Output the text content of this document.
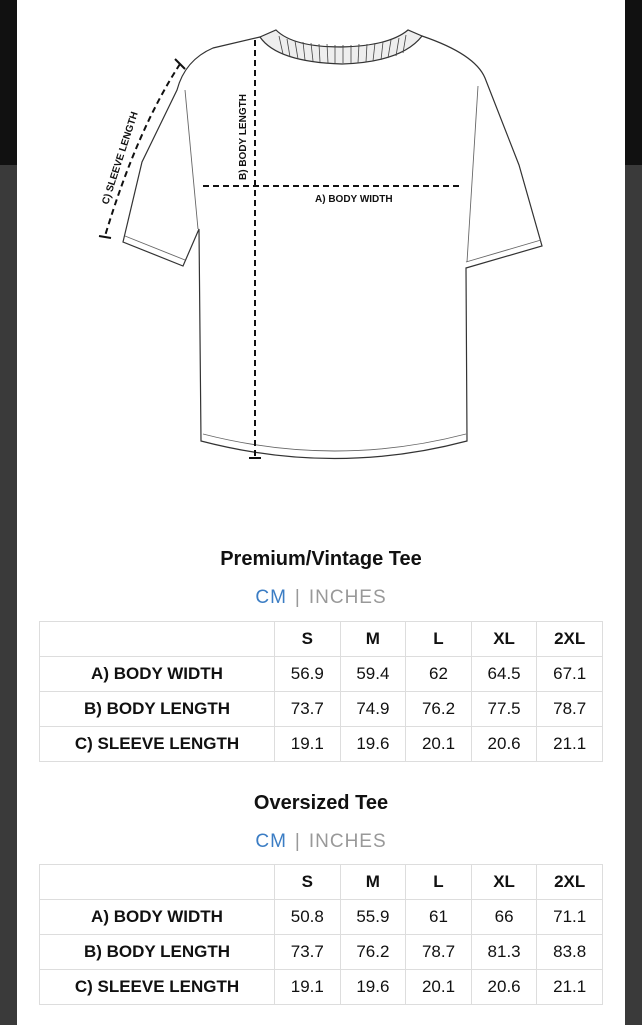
A) BODY WIDTH
B) BODY LENGTH
C) SLEEVE LENGTH
Premium/Vintage Tee
CM | INCHES
	S	M	L	XL	2XL
A) BODY WIDTH	56.9	59.4	62	64.5	67.1
B) BODY LENGTH	73.7	74.9	76.2	77.5	78.7
C) SLEEVE LENGTH	19.1	19.6	20.1	20.6	21.1
Oversized Tee
CM | INCHES
	S	M	L	XL	2XL
A) BODY WIDTH	50.8	55.9	61	66	71.1
B) BODY LENGTH	73.7	76.2	78.7	81.3	83.8
C) SLEEVE LENGTH	19.1	19.6	20.1	20.6	21.1
